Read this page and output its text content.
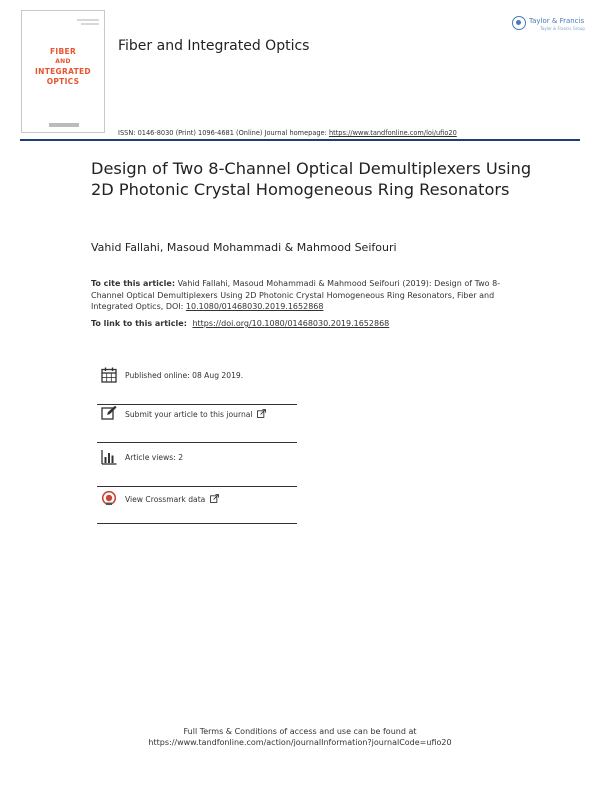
FIBER
AND
INTEGRATED
OPTICS
Fiber and Integrated Optics
Taylor & Francis
Taylor & Francis Group
ISSN: 0146-8030 (Print) 1096-4681 (Online) Journal homepage: https://www.tandfonline.com/loi/ufio20
Design of Two 8-Channel Optical Demultiplexers Using 2D Photonic Crystal Homogeneous Ring Resonators
Vahid Fallahi, Masoud Mohammadi & Mahmood Seifouri
To cite this article: Vahid Fallahi, Masoud Mohammadi & Mahmood Seifouri (2019): Design of Two 8-Channel Optical Demultiplexers Using 2D Photonic Crystal Homogeneous Ring Resonators, Fiber and Integrated Optics, DOI: 10.1080/01468030.2019.1652868
To link to this article: https://doi.org/10.1080/01468030.2019.1652868
Published online: 08 Aug 2019.
Submit your article to this journal
Article views: 2
View Crossmark data
Full Terms & Conditions of access and use can be found at
https://www.tandfonline.com/action/journalInformation?journalCode=ufio20
